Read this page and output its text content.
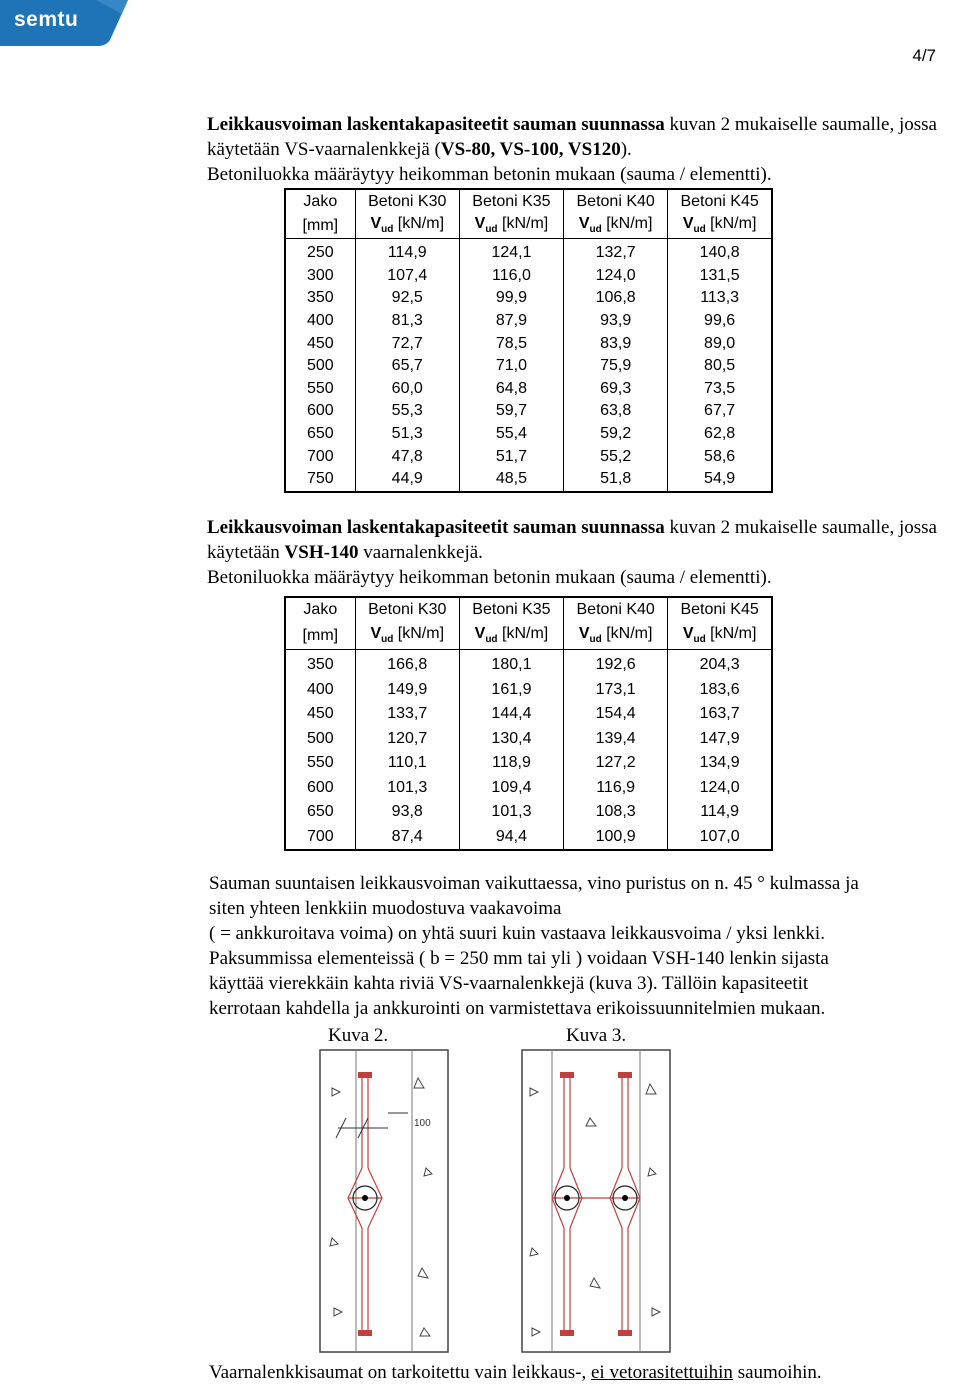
semtu
4/7

Leikkausvoiman laskentakapasiteetit sauman suunnassa kuvan 2 mukaiselle saumalle, jossa käytetään VS-vaarnalenkkejä (VS-80, VS-100, VS120).

Betoniluokka määräytyy heikomman betonin mukaan (sauma / elementti).

Jako	Betoni K30	Betoni K35	Betoni K40	Betoni K45
[mm]	$V_{ud}$ [kN/m]	$V_{ud}$ [kN/m]	$V_{ud}$ [kN/m]	$V_{ud}$ [kN/m]
250	114,9	124,1	132,7	140,8
300	107,4	116,0	124,0	131,5
350	92,5	99,9	106,8	113,3
400	81,3	87,9	93,9	99,6
450	72,7	78,5	83,9	89,0
500	65,7	71,0	75,9	80,5
550	60,0	64,8	69,3	73,5
600	55,3	59,7	63,8	67,7
650	51,3	55,4	59,2	62,8
700	47,8	51,7	55,2	58,6
750	44,9	48,5	51,8	54,9

Leikkausvoiman laskentakapasiteetit sauman suunnassa kuvan 2 mukaiselle saumalle, jossa käytetään VSH-140 vaarnalenkkejä.

Betoniluokka määräytyy heikomman betonin mukaan (sauma / elementti).

Jako	Betoni K30	Betoni K35	Betoni K40	Betoni K45
[mm]	$V_{ud}$ [kN/m]	$V_{ud}$ [kN/m]	$V_{ud}$ [kN/m]	$V_{ud}$ [kN/m]
350	166,8	180,1	192,6	204,3
400	149,9	161,9	173,1	183,6
450	133,7	144,4	154,4	163,7
500	120,7	130,4	139,4	147,9
550	110,1	118,9	127,2	134,9
600	101,3	109,4	116,9	124,0
650	93,8	101,3	108,3	114,9
700	87,4	94,4	100,9	107,0

Sauman suuntaisen leikkausvoiman vaikuttaessa, vino puristus on n. 45 ° kulmassa ja

siten yhteen lenkkiin muodostuva vaakavoima

( = ankkuroitava voima) on yhtä suuri kuin vastaava leikkausvoima / yksi lenkki.

Paksummissa elementeissä ( b = 250 mm tai yli ) voidaan VSH-140 lenkin sijasta

käyttää vierekkäin kahta riviä VS-vaarnalenkkejä (kuva 3). Tällöin kapasiteetit

kerrotaan kahdella ja ankkurointi on varmistettava erikoissuunnitelmien mukaan.

Kuva 2.	Kuva 3.
100
Vaarnalenkkisaumat on tarkoitettu vain leikkaus-, ei vetorasitettuihin saumoihin.
